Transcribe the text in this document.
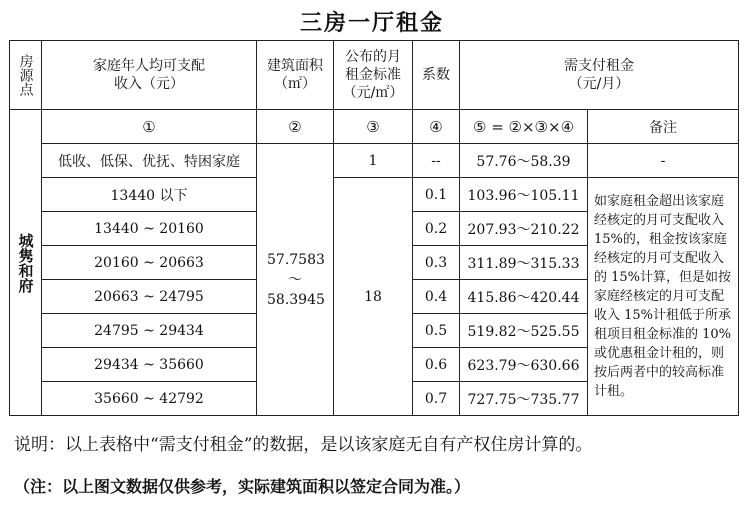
三房一厅租金
房源点	家庭年人均可支配收入（元）	建筑面积（㎡）	公布的月租金标准（元/㎡）	系数	需支付租金（元/月）	

城隽和府	①	②	③	④	⑤ = ②×③×④	备注
	低收、低保、优抚、特困家庭	57.7583 ～ 58.3945	1	--	57.76～58.39	-
	13440 以下		18	0.1	103.96～105.11	如家庭租金超出该家庭经核定的月可支配收入 15%的，租金按该家庭经核定的月可支配收入的 15%计算，但是如按家庭经核定的月可支配收入 15%计租低于所承租项目租金标准的 10%或优惠租金计租的，则按后两者中的较高标准计租。
	13440 ~ 20160			0.2	207.93～210.22	
	20160 ~ 20663			0.3	311.89～315.33	
	20663 ~ 24795			0.4	415.86～420.44	
	24795 ~ 29434			0.5	519.82～525.55	
	29434 ~ 35660			0.6	623.79～630.66	
	35660 ~ 42792			0.7	727.75～735.77	
说明：以上表格中“需支付租金”的数据，是以该家庭无自有产权住房计算的。
（注：以上图文数据仅供参考，实际建筑面积以签定合同为准。）
